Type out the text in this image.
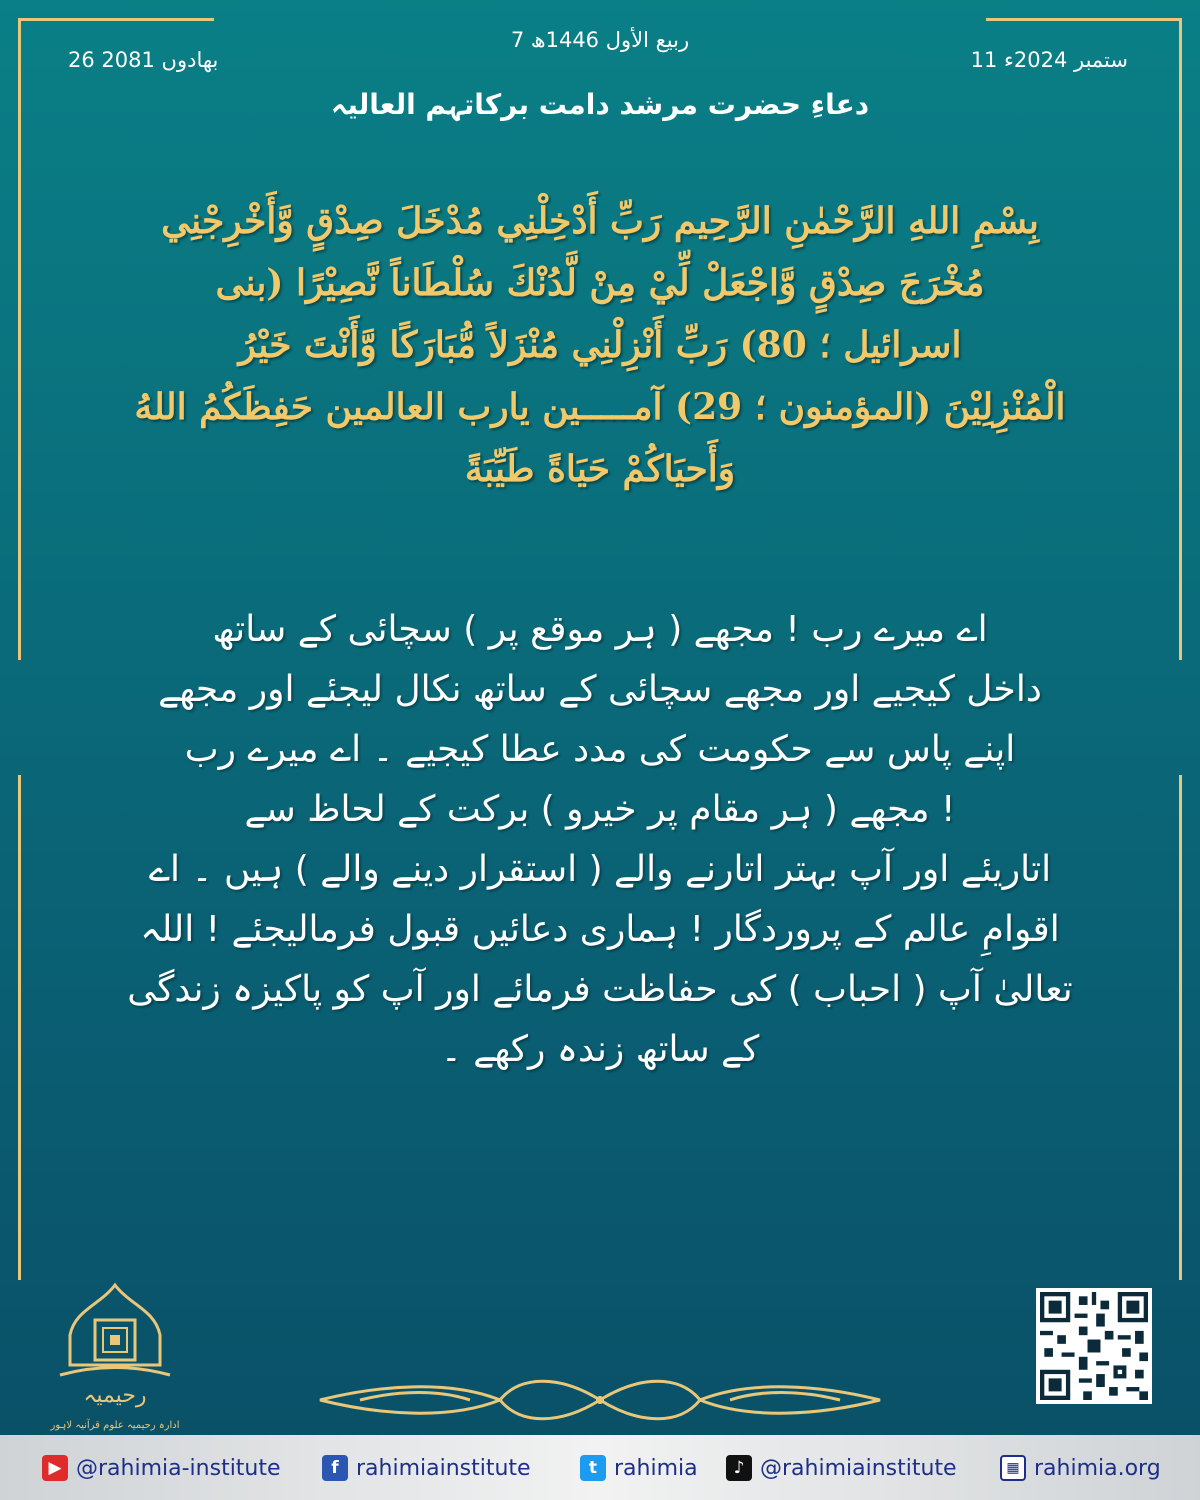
26 بھادوں 2081
7 ربیع الأول 1446ھ
11 ستمبر 2024ء
دعاءِ حضرت مرشد دامت برکاتہم العالیہ
بِسْمِ اللهِ الرَّحْمٰنِ الرَّحِيم رَبِّ أَدْخِلْنِي مُدْخَلَ صِدْقٍ وَّأَخْرِجْنِي
مُخْرَجَ صِدْقٍ وَّاجْعَلْ لِّيْ مِنْ لَّدُنْكَ سُلْطَاناً نَّصِيْرًا (بنی
اسرائیل ؛ 80) رَبِّ أَنْزِلْنِي مُنْزَلاً مُّبَارَكًا وَّأَنْتَ خَيْرُ
الْمُنْزِلِيْنَ (المؤمنون ؛ 29) آمـــــين یارب العالمين حَفِظَكُمُ اللهُ
وَأَحيَاكُمْ حَيَاةً طَيِّبَةً
اے میرے رب ! مجھے ( ہر موقع پر ) سچائی کے ساتھ
داخل کیجیے اور مجھے سچائی کے ساتھ نکال لیجئے اور مجھے
اپنے پاس سے حکومت کی مدد عطا کیجیے ۔ اے میرے رب
! مجھے ( ہر مقام پر خیرو ) برکت کے لحاظ سے
اتاریئے اور آپ بہتر اتارنے والے ( استقرار دینے والے ) ہیں ۔ اے
اقوامِ عالم کے پروردگار ! ہماری دعائیں قبول فرمالیجئے ! اللہ
تعالیٰ آپ ( احباب ) کی حفاظت فرمائے اور آپ کو پاکیزہ زندگی
کے ساتھ زندہ رکھے ۔
رحیمیہ
ادارہ رحیمیہ علوم قرآنیہ لاہور
▶ @rahimia-institute	f rahimiainstitute	t rahimia	♪ @rahimiainstitute	▦ rahimia.org
